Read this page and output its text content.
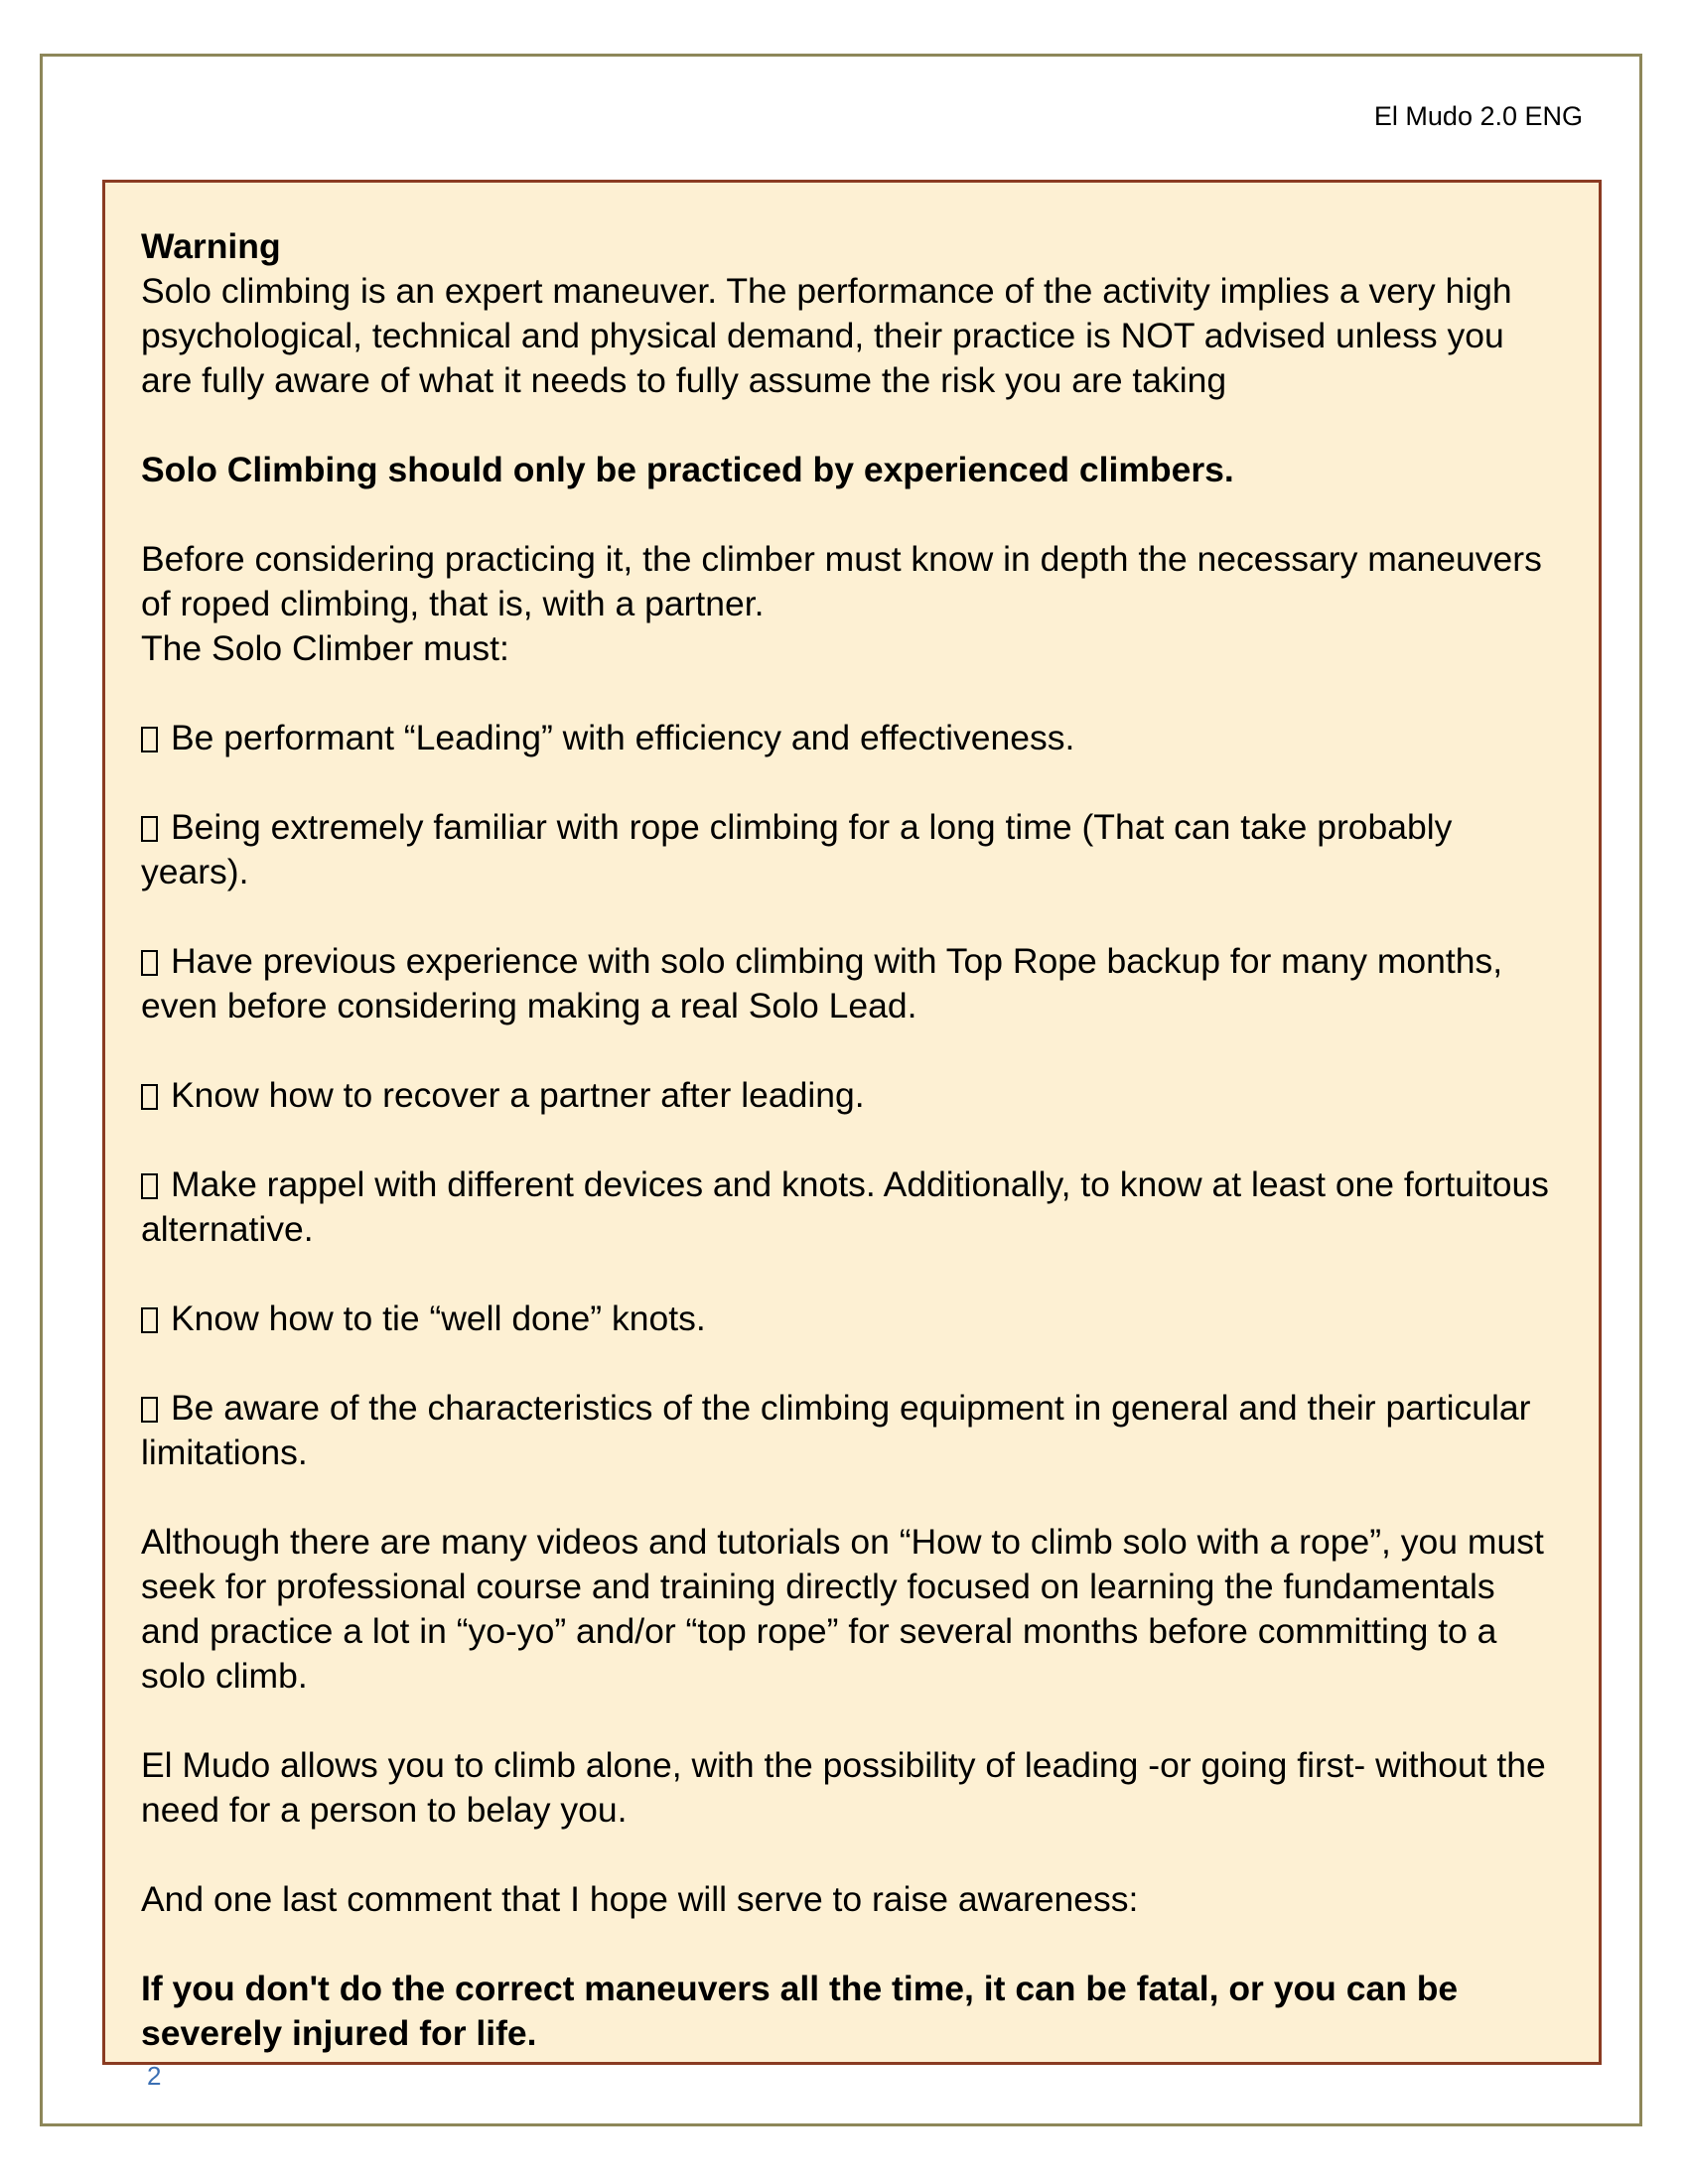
El Mudo 2.0 ENG

Warning

Solo climbing is an expert maneuver. The performance of the activity implies a very high psychological, technical and physical demand, their practice is NOT advised unless you are fully aware of what it needs to fully assume the risk you are taking

Solo Climbing should only be practiced by experienced climbers.

Before considering practicing it, the climber must know in depth the necessary maneuvers of roped climbing, that is, with a partner.

The Solo Climber must:

Be performant “Leading” with efficiency and effectiveness.

Being extremely familiar with rope climbing for a long time (That can take probably years).

Have previous experience with solo climbing with Top Rope backup for many months, even before considering making a real Solo Lead.

Know how to recover a partner after leading.

Make rappel with different devices and knots. Additionally, to know at least one fortuitous alternative.

Know how to tie “well done” knots.

Be aware of the characteristics of the climbing equipment in general and their particular limitations.

Although there are many videos and tutorials on “How to climb solo with a rope”, you must seek for professional course and training directly focused on learning the fundamentals and practice a lot in “yo-yo” and/or “top rope” for several months before committing to a solo climb.

El Mudo allows you to climb alone, with the possibility of leading -or going first- without the need for a person to belay you.

And one last comment that I hope will serve to raise awareness:

If you don't do the correct maneuvers all the time, it can be fatal, or you can be severely injured for life.

2
